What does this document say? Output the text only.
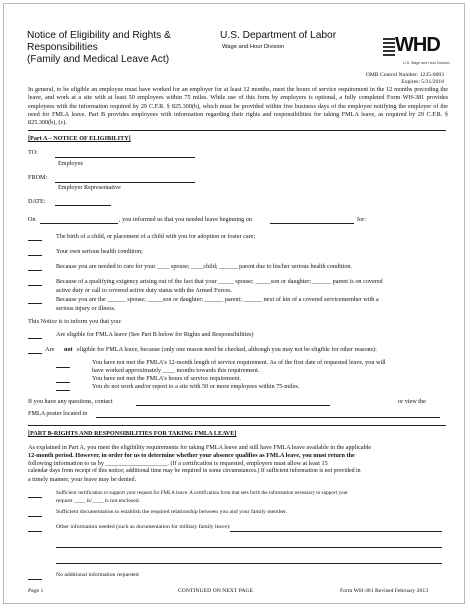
Notice of Eligibility and Rights &
Responsibilities
(Family and Medical Leave Act)
U.S. Department of Labor
Wage and Hour Division	WHD
U.S. Wage and Hour Division
OMB Control Number: 1235-0003
Expires: 5/31/2018
In general, to be eligible an employee must have worked for an employer for at least 12 months, meet the hours of service requirement in the 12 months preceding the leave, and work at a site with at least 50 employees within 75 miles. While use of this form by employers is optional, a fully completed Form WH-381 provides employees with the information required by 29 C.F.R. § 825.300(b), which must be provided within five business days of the employee notifying the employer of the need for FMLA leave. Part B provides employees with information regarding their rights and responsibilities for taking FMLA leave, as required by 29 C.F.R. § 825.300(b), (c).
[Part A – NOTICE OF ELIGIBILITY]
TO:
Employee
FROM:
Employer Representative
DATE:
On	, you informed us that you needed leave beginning on	for:
The birth of a child, or placement of a child with you for adoption or foster care;
Your own serious health condition;
Because you are needed to care for your ____ spouse; ____child; ______ parent due to his/her serious health condition.
Because of a qualifying exigency arising out of the fact that your _____ spouse; _____son or daughter; ______ parent is on covered
active duty or call to covered active duty status with the Armed Forces.
Because you are the ______ spouse; _____son or daughter; ______ parent; ______ next of kin of a covered servicemember with a
serious injury or illness.
This Notice is to inform you that you:
Are eligible for FMLA leave (See Part B below for Rights and Responsibilities)
Are not eligible for FMLA leave, because (only one reason need be checked, although you may not be eligible for other reasons):
You have not met the FMLA's 12-month length of service requirement. As of the first date of requested leave, you will
have worked approximately ____ months towards this requirement.
You have not met the FMLA's hours of service requirement.
You do not work and/or report to a site with 50 or more employees within 75-miles.
If you have any questions, contact	or view the
FMLA poster located in
[PART B-RIGHTS AND RESPONSIBILITIES FOR TAKING FMLA LEAVE]
As explained in Part A, you meet the eligibility requirements for taking FMLA leave and still have FMLA leave available in the applicable
12-month period. However, in order for us to determine whether your absence qualifies as FMLA leave, you must return the
following information to us by ____________________. (If a certification is requested, employers must allow at least 15
calendar days from receipt of this notice; additional time may be required in some circumstances.) If sufficient information is not provided in
a timely manner, your leave may be denied.
Sufficient certification to support your request for FMLA leave. A certification form that sets forth the information necessary to support your
request ____ is/____ is not enclosed.
Sufficient documentation to establish the required relationship between you and your family member.
Other information needed (such as documentation for military family leave):
No additional information requested
Page 1	CONTINUED ON NEXT PAGE	Form WH-381 Revised February 2013
